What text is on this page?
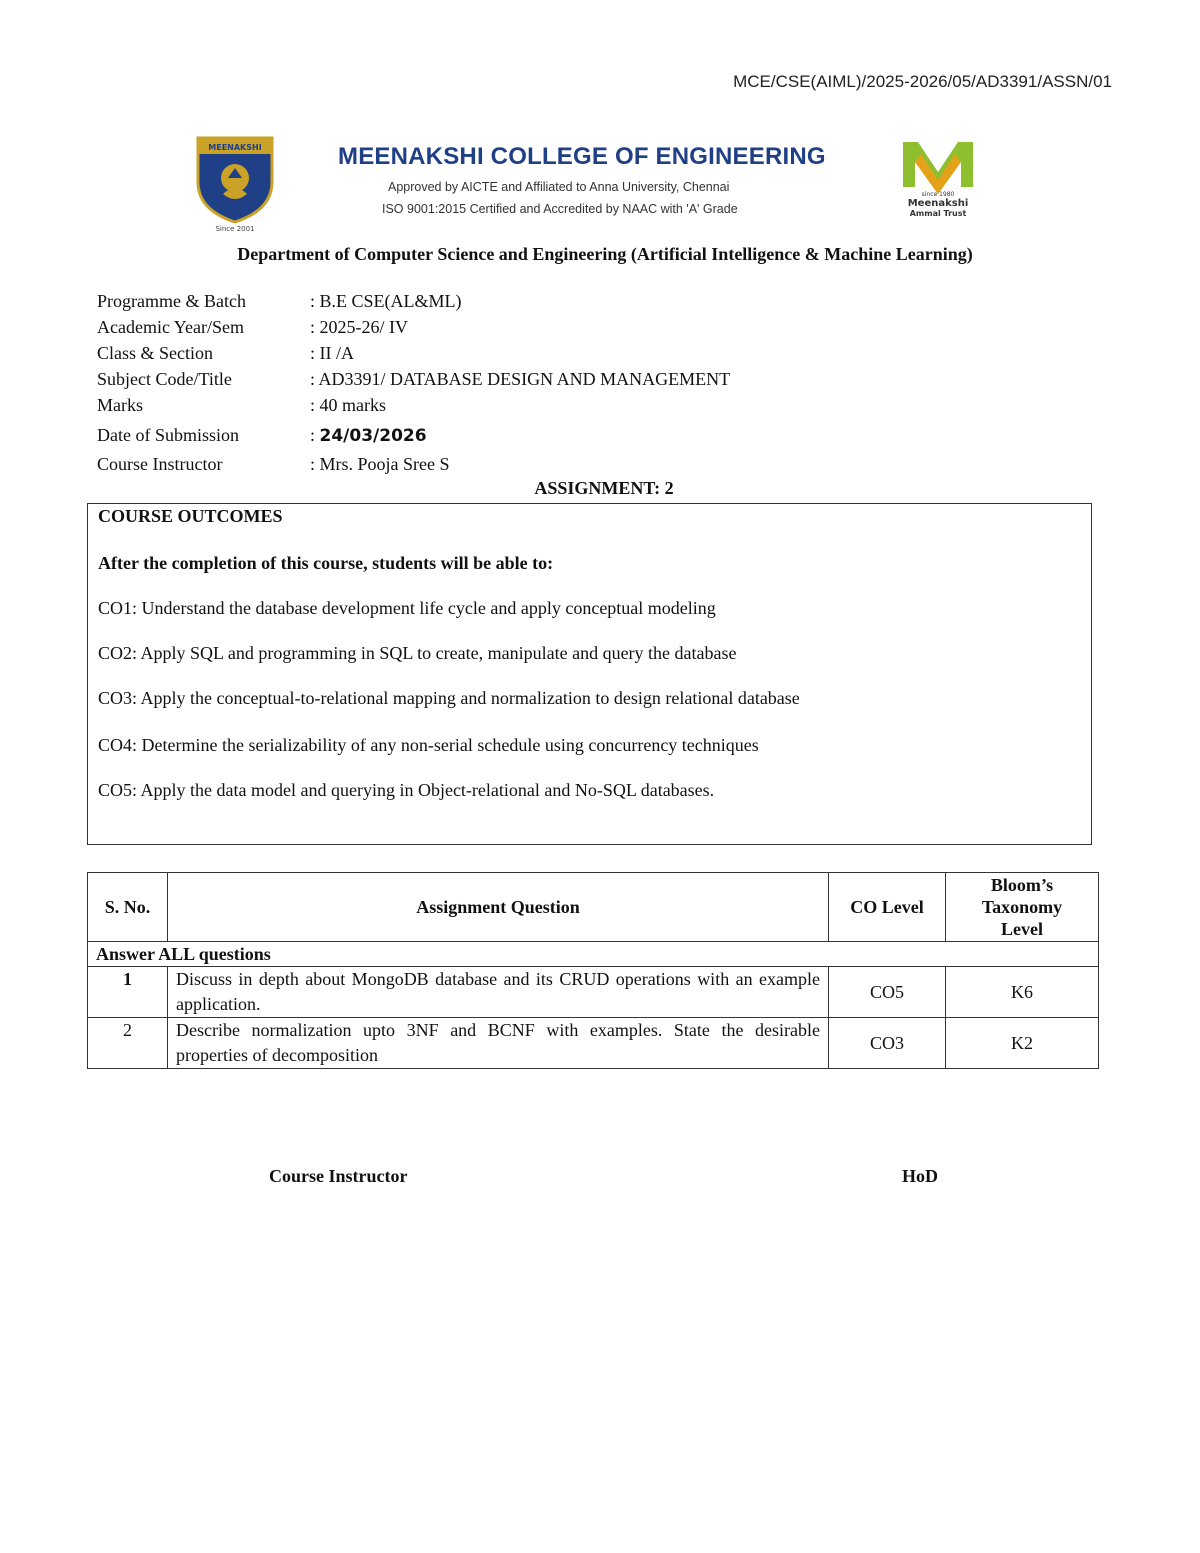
MCE/CSE(AIML)/2025-2026/05/AD3391/ASSN/01
MEENAKSHI
Since 2001
MEENAKSHI COLLEGE OF ENGINEERING
Approved by AICTE and Affiliated to Anna University, Chennai
ISO 9001:2015 Certified and Accredited by NAAC with 'A' Grade
since 1980
Meenakshi
Ammal Trust
Department of Computer Science and Engineering (Artificial Intelligence & Machine Learning)
Programme & Batch	: B.E CSE(AL&ML)
Academic Year/Sem	: 2025-26/ IV
Class & Section	: II /A
Subject Code/Title	: AD3391/ DATABASE DESIGN AND MANAGEMENT
Marks	: 40 marks
Date of Submission	: 24/03/2026
Course Instructor	: Mrs. Pooja Sree S
ASSIGNMENT: 2
COURSE OUTCOMES
After the completion of this course, students will be able to:
CO1: Understand the database development life cycle and apply conceptual modeling
CO2: Apply SQL and programming in SQL to create, manipulate and query the database
CO3: Apply the conceptual-to-relational mapping and normalization to design relational database
CO4: Determine the serializability of any non-serial schedule using concurrency techniques
CO5: Apply the data model and querying in Object-relational and No-SQL databases.
S. No.	Assignment Question	CO Level	Bloom’s
Taxonomy
Level

Answer ALL questions			
1	Discuss in depth about MongoDB database and its CRUD operations with an example application.	CO5	K6
2	Describe normalization upto 3NF and BCNF with examples. State the desirable properties of decomposition	CO3	K2
Course Instructor	HoD
